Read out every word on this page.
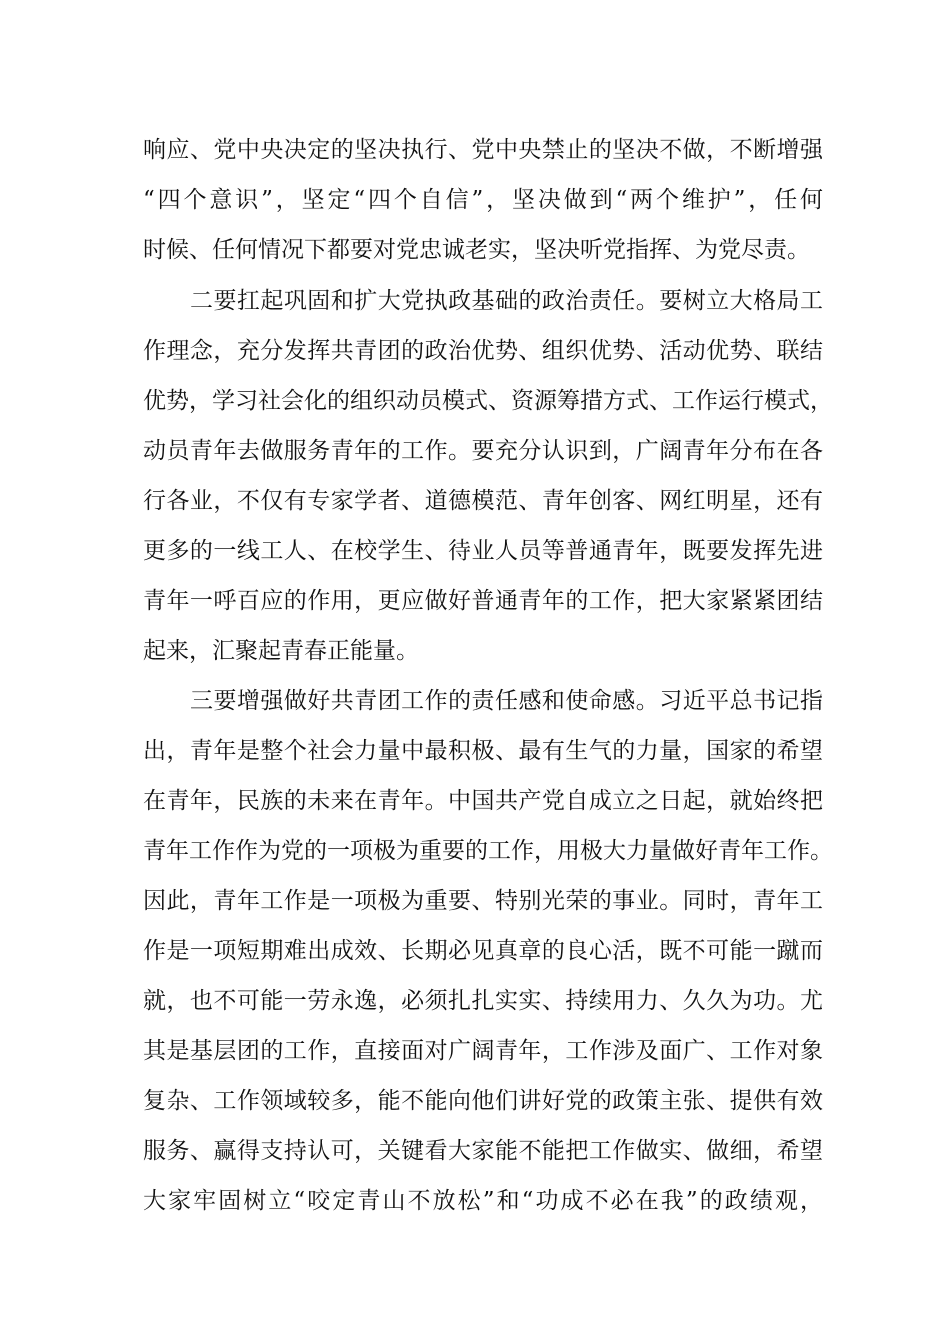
响应、党中央决定的坚决执行、党中央禁止的坚决不做，不断增强
“四个意识”，坚定“四个自信”，坚决做到“两个维护”，任何
时候、任何情况下都要对党忠诚老实，坚决听党指挥、为党尽责。
二要扛起巩固和扩大党执政基础的政治责任。要树立大格局工
作理念，充分发挥共青团的政治优势、组织优势、活动优势、联结
优势，学习社会化的组织动员模式、资源筹措方式、工作运行模式，
动员青年去做服务青年的工作。要充分认识到，广阔青年分布在各
行各业，不仅有专家学者、道德模范、青年创客、网红明星，还有
更多的一线工人、在校学生、待业人员等普通青年，既要发挥先进
青年一呼百应的作用，更应做好普通青年的工作，把大家紧紧团结
起来，汇聚起青春正能量。
三要增强做好共青团工作的责任感和使命感。习近平总书记指
出，青年是整个社会力量中最积极、最有生气的力量，国家的希望
在青年，民族的未来在青年。中国共产党自成立之日起，就始终把
青年工作作为党的一项极为重要的工作，用极大力量做好青年工作。
因此，青年工作是一项极为重要、特别光荣的事业。同时，青年工
作是一项短期难出成效、长期必见真章的良心活，既不可能一蹴而
就，也不可能一劳永逸，必须扎扎实实、持续用力、久久为功。尤
其是基层团的工作，直接面对广阔青年，工作涉及面广、工作对象
复杂、工作领域较多，能不能向他们讲好党的政策主张、提供有效
服务、赢得支持认可，关键看大家能不能把工作做实、做细，希望
大家牢固树立“咬定青山不放松”和“功成不必在我”的政绩观，
